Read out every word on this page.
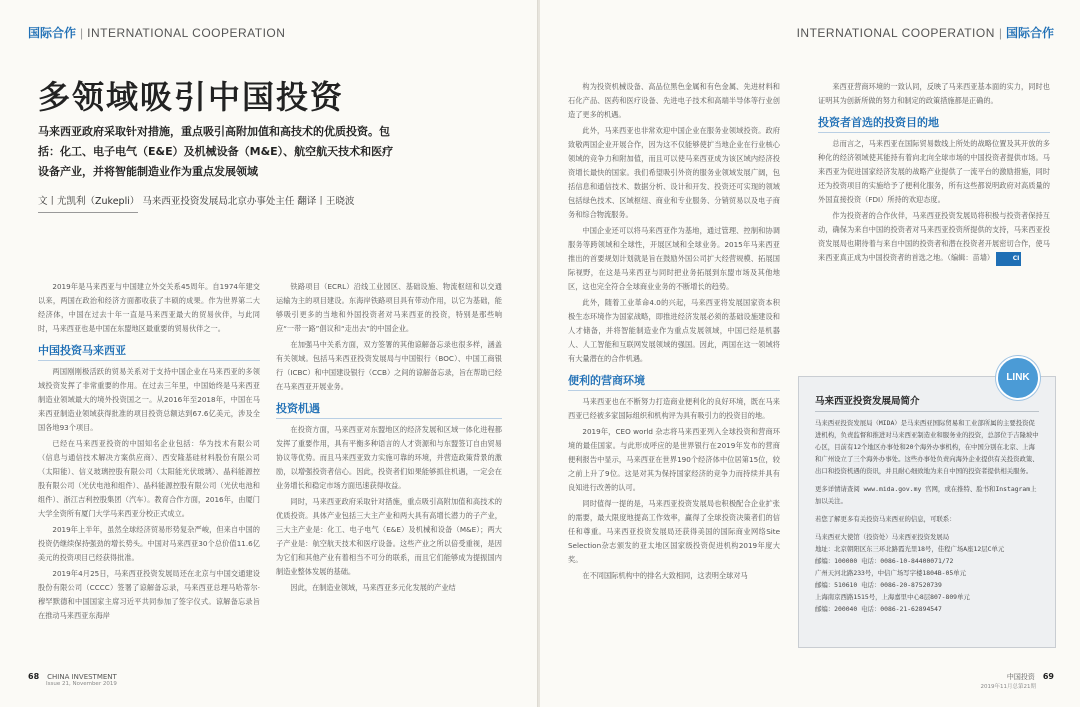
国际合作 | INTERNATIONAL COOPERATION
多领域吸引中国投资
马来西亚政府采取针对措施，重点吸引高附加值和高技术的优质投资。包括：化工、电子电气（E&E）及机械设备（M&E）、航空航天技术和医疗设备产业，并将智能制造业作为重点发展领域
文丨尤凯利（Zukepli） 马来西亚投资发展局北京办事处主任 翻译丨王晓波

2019年是马来西亚与中国建立外交关系45周年。自1974年建交以来，两国在政治和经济方面都收获了丰硕的成果。作为世界第二大经济体，中国在过去十年一直是马来西亚最大的贸易伙伴，与此同时，马来西亚也是中国在东盟地区最重要的贸易伙伴之一。

中国投资马来西亚

两国刚刚极活跃的贸易关系对于支持中国企业在马来西亚的多领域投资发挥了非常重要的作用。在过去三年里，中国始终是马来西亚制造业领域最大的境外投资国之一。从2016年至2018年，中国在马来西亚制造业领域获得批准的项目投资总额达到67.6亿美元，涉及全国各地93个项目。

已经在马来西亚投资的中国知名企业包括：华为技术有限公司（信息与通信技术解决方案供应商）、西安隆基硅材料股份有限公司（太阳能）、信义玻璃控股有限公司（太阳能光伏玻璃）、晶科能源控股有限公司（光伏电池和组件）、晶科能源控股有限公司（光伏电池和组件）、浙江吉利控股集团（汽车）。教育合作方面，2016年，由厦门大学全资所有厦门大学马来西亚分校正式成立。

2019年上半年，虽然全球经济贸易形势复杂严峻，但来自中国的投资仍继续保持强劲的增长势头。中国对马来西亚30个总价值11.6亿美元的投资项目已经获得批准。

2019年4月25日，马来西亚投资发展局还在北京与中国交通建设股份有限公司（CCCC）签署了谅解备忘录，马来西亚总理马哈蒂尔·穆罕默德和中国国家主席习近平共同参加了签字仪式。谅解备忘录旨在推动马来西亚东海岸

铁路项目（ECRL）沿线工业园区、基础设施、物流枢纽和以交通运输为主的项目建设。东海岸铁路项目具有带动作用，以它为基础，能够吸引更多的当地和外国投资者对马来西亚的投资，特别是那些响应“一带一路”倡议和“走出去”的中国企业。

在加强马中关系方面，双方签署的其他谅解备忘录也很多样，涵盖有关领域。包括马来西亚投资发展局与中国银行（BOC）、中国工商银行（ICBC）和中国建设银行（CCB）之间的谅解备忘录，旨在帮助已经在马来西亚开展业务。

投资机遇

在投资方面，马来西亚对东盟地区的经济发展和区域一体化进程都发挥了重要作用，具有平衡多种语言的人才资源和与东盟签订自由贸易协议等优势。而且马来西亚致力实施可靠的环境，并营造政策背景的激励，以增强投资者信心。因此，投资者们如果能够抓住机遇，一定会在业务增长和稳定市场方面迅速获得收益。

同时，马来西亚政府采取针对措施，重点吸引高附加值和高技术的优质投资。具体产业包括三大主产业和两大具有高增长潜力的子产业，三大主产业是：化工、电子电气（E&E）及机械和设备（M&E）；两大子产业是：航空航天技术和医疗设备。这些产业之所以倍受重视，是因为它们和其他产业有着相当不可分的联系，而且它们能够成为提振国内制造业整体发展的基础。

因此，在制造业领域，马来西亚多元化发展的产业结

68 CHINA INVESTMENT
Issue 21, November 2019
INTERNATIONAL COOPERATION | 国际合作

构为投资机械设备、高品位黑色金属和有色金属、先进材料和石化产品、医药和医疗设备、先进电子技术和高端半导体等行业创造了更多的机遇。

此外，马来西亚也非常欢迎中国企业在服务业领域投资。政府致敬两国企业开展合作，因为这不仅能够使扩当地企业在行业核心领域的竞争力和附加值，而且可以使马来西亚成为该区域内经济投资增长最快的国家。我们希望吸引外资的服务业领域发展广阔，包括信息和通信技术、数据分析、设计和开发、投资还可实现的领域包括绿色技术、区域枢纽、商业和专业服务、分销贸易以及电子商务和综合物流服务。

中国企业还可以将马来西亚作为基地，通过管理、控制和协调服务等跨领域和全球性，开展区域和全球业务。2015年马来西亚推出的首要规划计划就是旨在鼓励外国公司扩大经营规模、拓展国际视野，在这是马来西亚与同时把业务拓展到东盟市场及其他地区，这也完全符合全球商业业务的不断增长的趋势。

此外，随着工业革命4.0的兴起，马来西亚将发展国家资本积极生态环境作为国家战略，即推进经济发展必须的基础设施建设和人才储备，并将智能制造业作为重点发展领域，中国已经是机器人、人工智能和互联网发展领域的强国。因此，两国在这一领域将有大量潜在的合作机遇。

便利的营商环境

马来西亚也在不断努力打造商业便利化的良好环境，既在马来西亚已经被多家国际组织和机构评为具有吸引力的投资目的地。

2019年，CEO world 杂志将马来西亚列入全球投资和营商环境的最佳国家。与此形成呼应的是世界银行在2019年发布的营商便利报告中显示，马来西亚在世界190个经济体中位居第15位，较之前上升了9位。这是对其为保持国家经济的竞争力而持续并具有良知进行改善的认可。

同时值得一提的是，马来西亚投资发展局也积极配合企业扩张的需要，最大限度地提高工作效率，赢得了全球投资决策者们的信任和尊重。马来西亚投资发展局还获得美国的国际商业网络Site Selection杂志颁发的亚太地区国家级投资促进机构2019年度大奖。

在不同国际机构中的排名大致相同，这表明全球对马

来西亚营商环境的一致认同，反映了马来西亚基本面的实力，同时也证明其为创新所做的努力和制定的政策措施都是正确的。

投资者首选的投资目的地

总而言之，马来西亚在国际贸易数线上所处的战略位置及其开放的多种化的经济领域使其能持有着向北向全球市场的中国投资者提供市场。马来西亚为促进国家经济发展的战略产业提供了一流平台的激励措施，同时还为投资项目的实施给予了便利化服务，所有这些都说明政府对高质量的外国直接投资（FDI）所持的欢迎态度。

作为投资者的合作伙伴，马来西亚投资发展局将积极与投资者保持互动，确保为来自中国的投资者对马来西亚投资所提供的支持，马来西亚投资发展局也期待着与来自中国的投资者和潜在投资者开展密切合作，使马来西亚真正成为中国投资者的首选之地。（编辑：苗墙）	CI

马来西亚投资发展局简介

马来西亚投资发展局（MIDA）是马来西亚国际贸易和工业部所属的主要投资促进机构，负责监督和推进对马来西亚制造业和服务业的投资，总部位于吉隆坡中心区，目前有12个地区办事处和20个海外办事机构，在中国分别在北京、上海和广州设立了三个海外办事处。这些办事处负责向海外企业提供有关投资政策、出口和投资机遇的资讯，并且耐心细致地为来自中国的投资者提供相关服务。

更多详情请查阅 www.mida.gov.my 官网，或在推特、脸书和Instagram上加以关注。

若您了解更多有关投资马来西亚的信息，可联系：

马来西亚大使馆（投资处）马来西亚投资发展局
地址：北京朝阳区东三环北路霞光里18号，佳程广场A座12层C单元
邮编：100000 电话：0086-10-84400071/72
广州天河北路233号，中信广场写字楼1804B-05单元
邮编：510610 电话：0086-20-87520739
上海南京西路1515号，上海嘉里中心8层807-809单元
邮编：200040 电话：0086-21-62894547
LINK
中国投资 69
2019年11月总第21期
